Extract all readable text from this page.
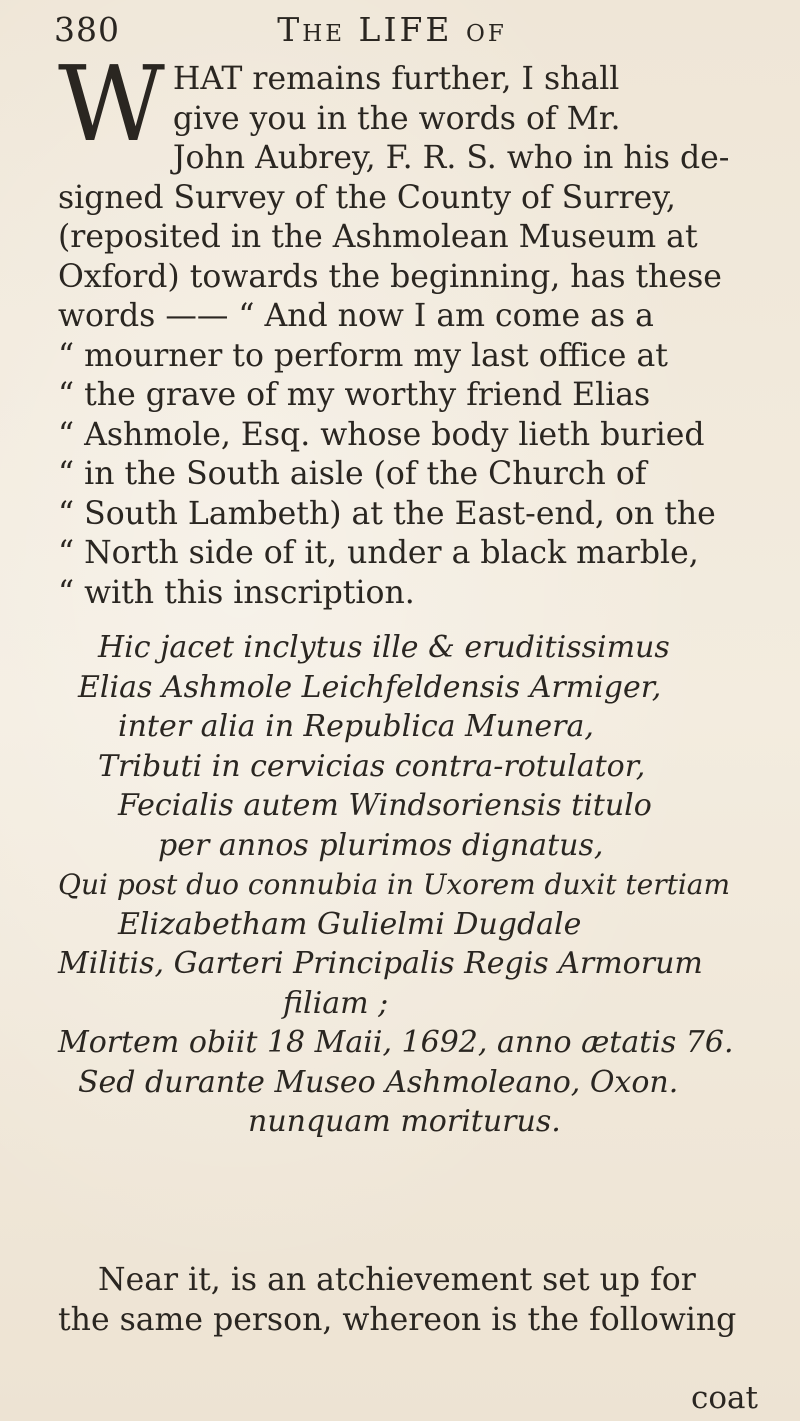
380	The LIFE of
W HAT remains further, I shall
give you in the words of Mr.
John Aubrey, F. R. S. who in his de-
signed Survey of the County of Surrey,
(reposited in the Ashmolean Museum at
Oxford) towards the beginning, has these
words —— “ And now I am come as a
“ mourner to perform my last office at
“ the grave of my worthy friend Elias
“ Ashmole, Esq. whose body lieth buried
“ in the South aisle (of the Church of
“ South Lambeth) at the East-end, on the
“ North side of it, under a black marble,
“ with this inscription.
Hic jacet inclytus ille & eruditissimus
Elias Ashmole Leichfeldensis Armiger,
inter alia in Republica Munera,
Tributi in cervicias contra-rotulator,
Fecialis autem Windsoriensis titulo
per annos plurimos dignatus,
Qui post duo connubia in Uxorem duxit tertiam
Elizabetham Gulielmi Dugdale
Militis, Garteri Principalis Regis Armorum
filiam ;
Mortem obiit 18 Maii, 1692, anno ætatis 76.
Sed durante Museo Ashmoleano, Oxon.
nunquam moriturus.
Near it, is an atchievement set up for
the same person, whereon is the following
coat
